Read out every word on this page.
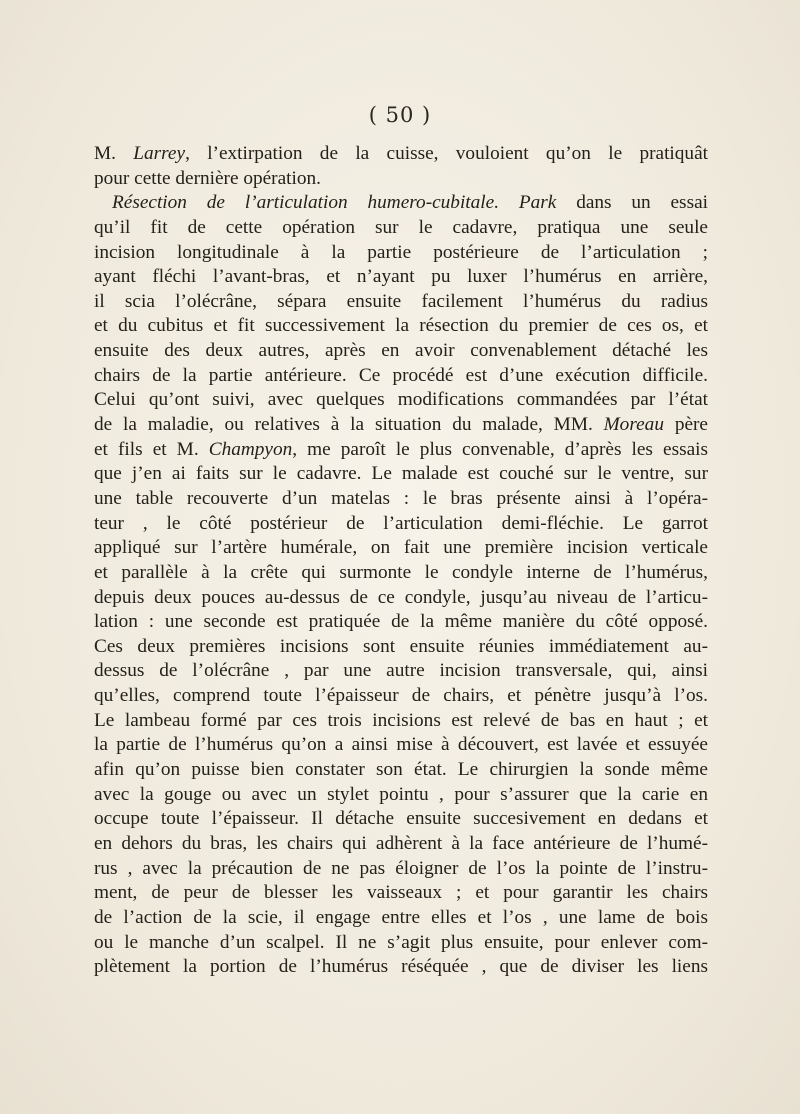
( 50 )
M. Larrey, l’extirpation de la cuisse, vouloient qu’on le pratiquât
pour cette dernière opération.
Résection de l’articulation humero-cubitale. Park dans un essai
qu’il fit de cette opération sur le cadavre, pratiqua une seule
incision longitudinale à la partie postérieure de l’articulation ;
ayant fléchi l’avant-bras, et n’ayant pu luxer l’humérus en arrière,
il scia l’olécrâne, sépara ensuite facilement l’humérus du radius
et du cubitus et fit successivement la résection du premier de ces os, et
ensuite des deux autres, après en avoir convenablement détaché les
chairs de la partie antérieure. Ce procédé est d’une exécution difficile.
Celui qu’ont suivi, avec quelques modifications commandées par l’état
de la maladie, ou relatives à la situation du malade, MM. Moreau père
et fils et M. Champyon, me paroît le plus convenable, d’après les essais
que j’en ai faits sur le cadavre. Le malade est couché sur le ventre, sur
une table recouverte d’un matelas : le bras présente ainsi à l’opéra-
teur , le côté postérieur de l’articulation demi-fléchie. Le garrot
appliqué sur l’artère humérale, on fait une première incision verticale
et parallèle à la crête qui surmonte le condyle interne de l’humérus,
depuis deux pouces au-dessus de ce condyle, jusqu’au niveau de l’articu-
lation : une seconde est pratiquée de la même manière du côté opposé.
Ces deux premières incisions sont ensuite réunies immédiatement au-
dessus de l’olécrâne , par une autre incision transversale, qui, ainsi
qu’elles, comprend toute l’épaisseur de chairs, et pénètre jusqu’à l’os.
Le lambeau formé par ces trois incisions est relevé de bas en haut ; et
la partie de l’humérus qu’on a ainsi mise à découvert, est lavée et essuyée
afin qu’on puisse bien constater son état. Le chirurgien la sonde même
avec la gouge ou avec un stylet pointu , pour s’assurer que la carie en
occupe toute l’épaisseur. Il détache ensuite succesivement en dedans et
en dehors du bras, les chairs qui adhèrent à la face antérieure de l’humé-
rus , avec la précaution de ne pas éloigner de l’os la pointe de l’instru-
ment, de peur de blesser les vaisseaux ; et pour garantir les chairs
de l’action de la scie, il engage entre elles et l’os , une lame de bois
ou le manche d’un scalpel. Il ne s’agit plus ensuite, pour enlever com-
plètement la portion de l’humérus réséquée , que de diviser les liens
